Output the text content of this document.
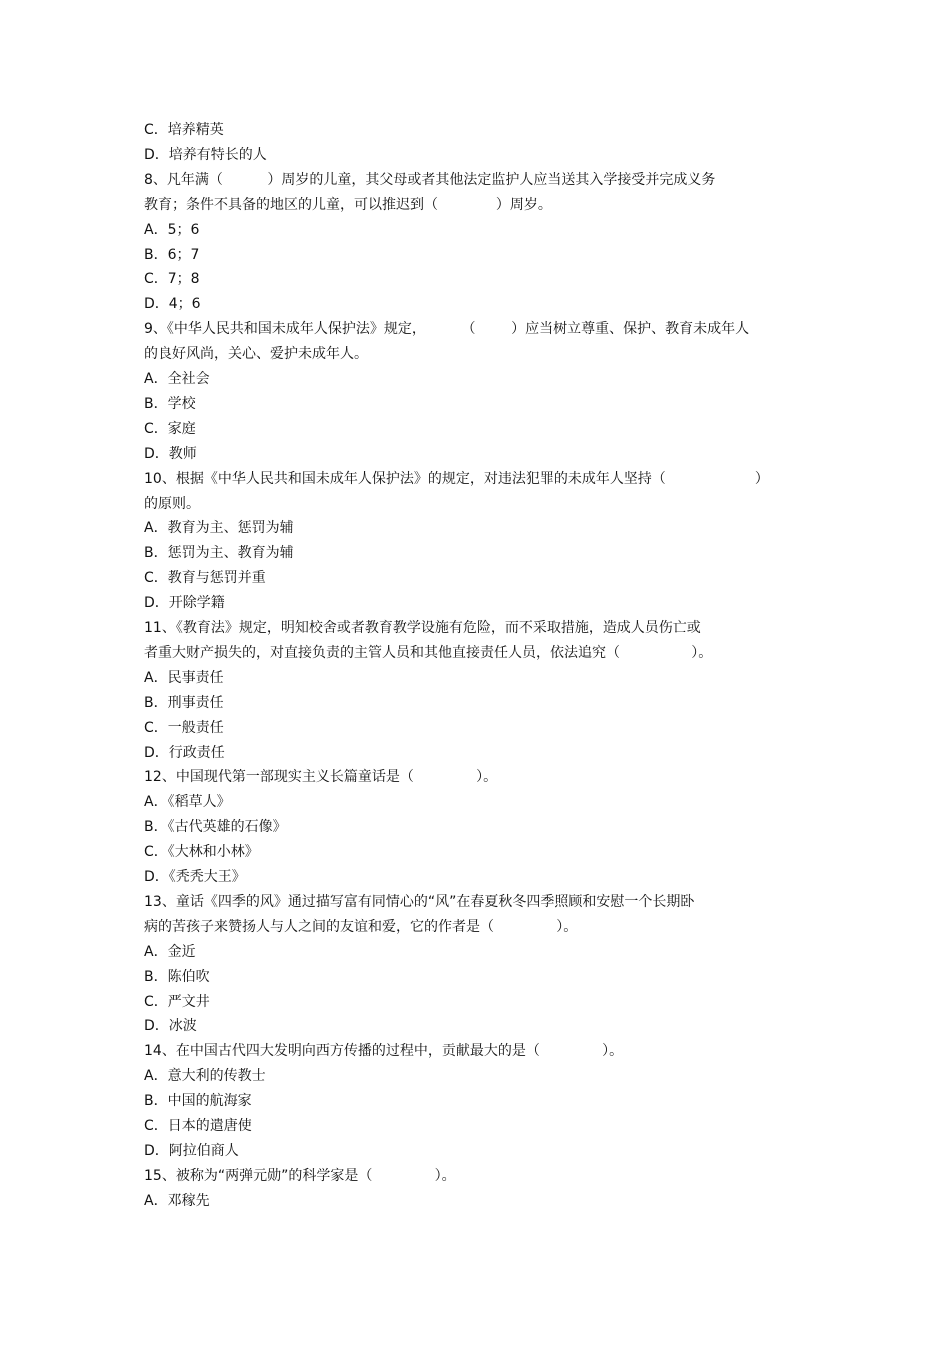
C．培养精英
D．培养有特长的人
8、凡年满（          ）周岁的儿童，其父母或者其他法定监护人应当送其入学接受并完成义务
教育；条件不具备的地区的儿童，可以推迟到（             ）周岁。
A．5；6
B．6；7
C．7；8
D．4；6
9、《中华人民共和国未成年人保护法》规定，        （        ）应当树立尊重、保护、教育未成年人
的良好风尚，关心、爱护未成年人。
A．全社会
B．学校
C．家庭
D．教师
10、根据《中华人民共和国未成年人保护法》的规定，对违法犯罪的未成年人坚持（                    ）
的原则。
A．教育为主、惩罚为辅
B．惩罚为主、教育为辅
C．教育与惩罚并重
D．开除学籍
11、《教育法》规定，明知校舍或者教育教学设施有危险，而不采取措施，造成人员伤亡或
者重大财产损失的，对直接负责的主管人员和其他直接责任人员，依法追究（                ）。
A．民事责任
B．刑事责任
C．一般责任
D．行政责任
12、中国现代第一部现实主义长篇童话是（              ）。
A．《稻草人》
B．《古代英雄的石像》
C．《大林和小林》
D．《秃秃大王》
13、童话《四季的风》通过描写富有同情心的“风”在春夏秋冬四季照顾和安慰一个长期卧
病的苦孩子来赞扬人与人之间的友谊和爱，它的作者是（              ）。
A．金近
B．陈伯吹
C．严文井
D．冰波
14、在中国古代四大发明向西方传播的过程中，贡献最大的是（              ）。
A．意大利的传教士
B．中国的航海家
C．日本的遣唐使
D．阿拉伯商人
15、被称为“两弹元勋”的科学家是（              ）。
A．邓稼先
